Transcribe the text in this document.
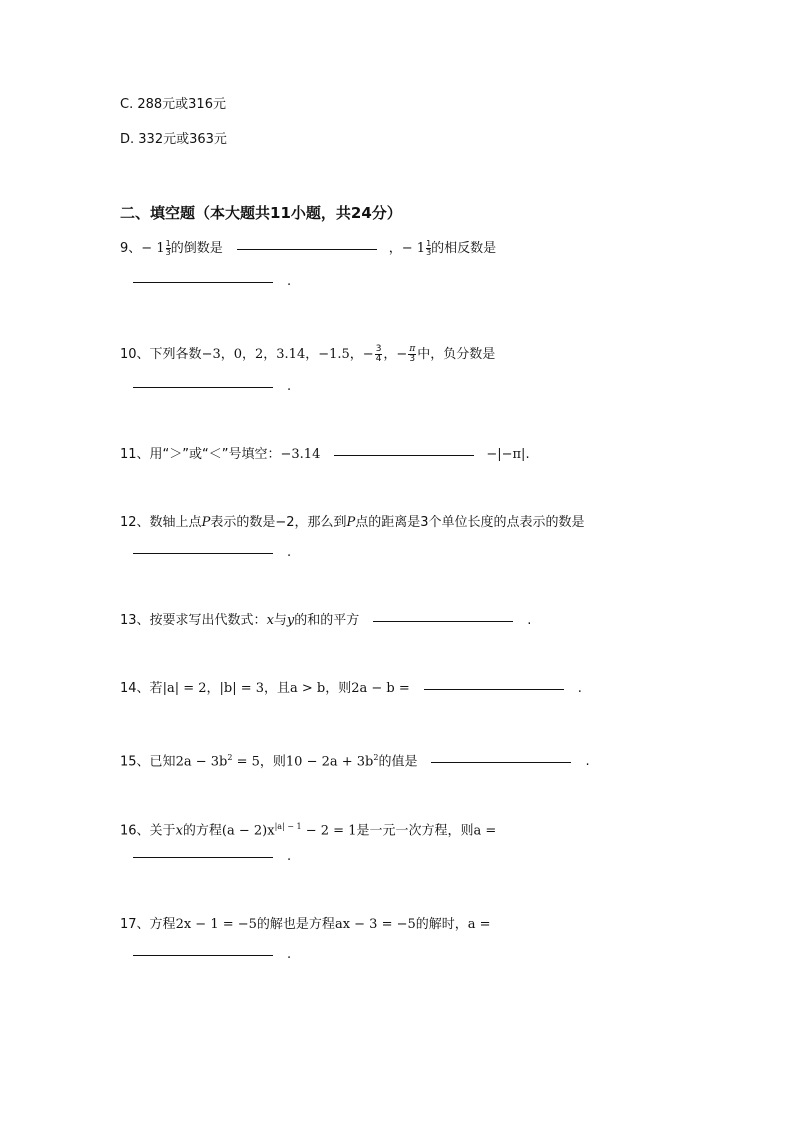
C. 288元或316元
D. 332元或363元
二、填空题（本大题共11小题，共24分）
9、− $1 \frac{1}{3}$ 的倒数是	，− $1 \frac{1}{3}$ 的相反数是
.
10、下列各数−3，0，2，3.14，−1.5，− $\frac{3}{4}$ ，− $\frac{\pi}{3}$ 中，负分数是
.
11、用“＞”或“＜”号填空：−3.14	−|−π|.
12、数轴上点P表示的数是−2，那么到P点的距离是3个单位长度的点表示的数是
.
13、按要求写出代数式：x与y的和的平方	.
14、若|a| = 2，|b| = 3，且a > b，则2a − b =	.
15、已知$2a - 3b^2 = 5$，则$10 - 2a + 3b^2$的值是	.
16、关于x的方程$(a - 2)x^{|a| - 1} - 2 = 1$是一元一次方程，则a =
.
17、方程2x − 1 = −5的解也是方程ax − 3 = −5的解时，a =
.
